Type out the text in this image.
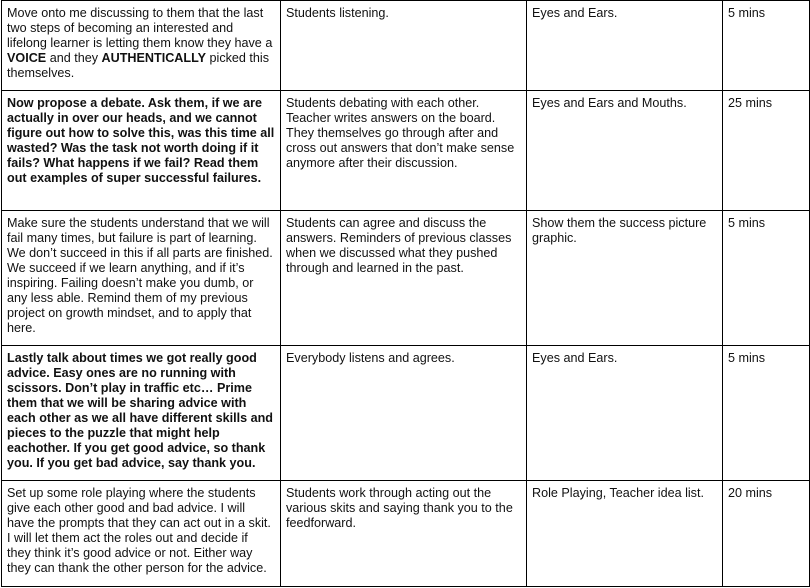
Move onto me discussing to them that the last two steps of becoming an interested and lifelong learner is letting them know they have a VOICE and they AUTHENTICALLY picked this themselves.	Students listening.	Eyes and Ears.	5 mins
Now propose a debate. Ask them, if we are actually in over our heads, and we cannot figure out how to solve this, was this time all wasted? Was the task not worth doing if it fails? What happens if we fail? Read them out examples of super successful failures.	Students debating with each other. Teacher writes answers on the board. They themselves go through after and cross out answers that don’t make sense anymore after their discussion.	Eyes and Ears and Mouths.	25 mins
Make sure the students understand that we will fail many times, but failure is part of learning. We don’t succeed in this if all parts are finished. We succeed if we learn anything, and if it’s inspiring. Failing doesn’t make you dumb, or any less able. Remind them of my previous project on growth mindset, and to apply that here.	Students can agree and discuss the answers. Reminders of previous classes when we discussed what they pushed through and learned in the past.	Show them the success picture graphic.	5 mins
Lastly talk about times we got really good advice. Easy ones are no running with scissors. Don’t play in traffic etc… Prime them that we will be sharing advice with each other as we all have different skills and pieces to the puzzle that might help eachother. If you get good advice, so thank you. If you get bad advice, say thank you.	Everybody listens and agrees.	Eyes and Ears.	5 mins
Set up some role playing where the students give each other good and bad advice. I will have the prompts that they can act out in a skit. I will let them act the roles out and decide if they think it’s good advice or not. Either way they can thank the other person for the advice.	Students work through acting out the various skits and saying thank you to the feedforward.	Role Playing, Teacher idea list.	20 mins
